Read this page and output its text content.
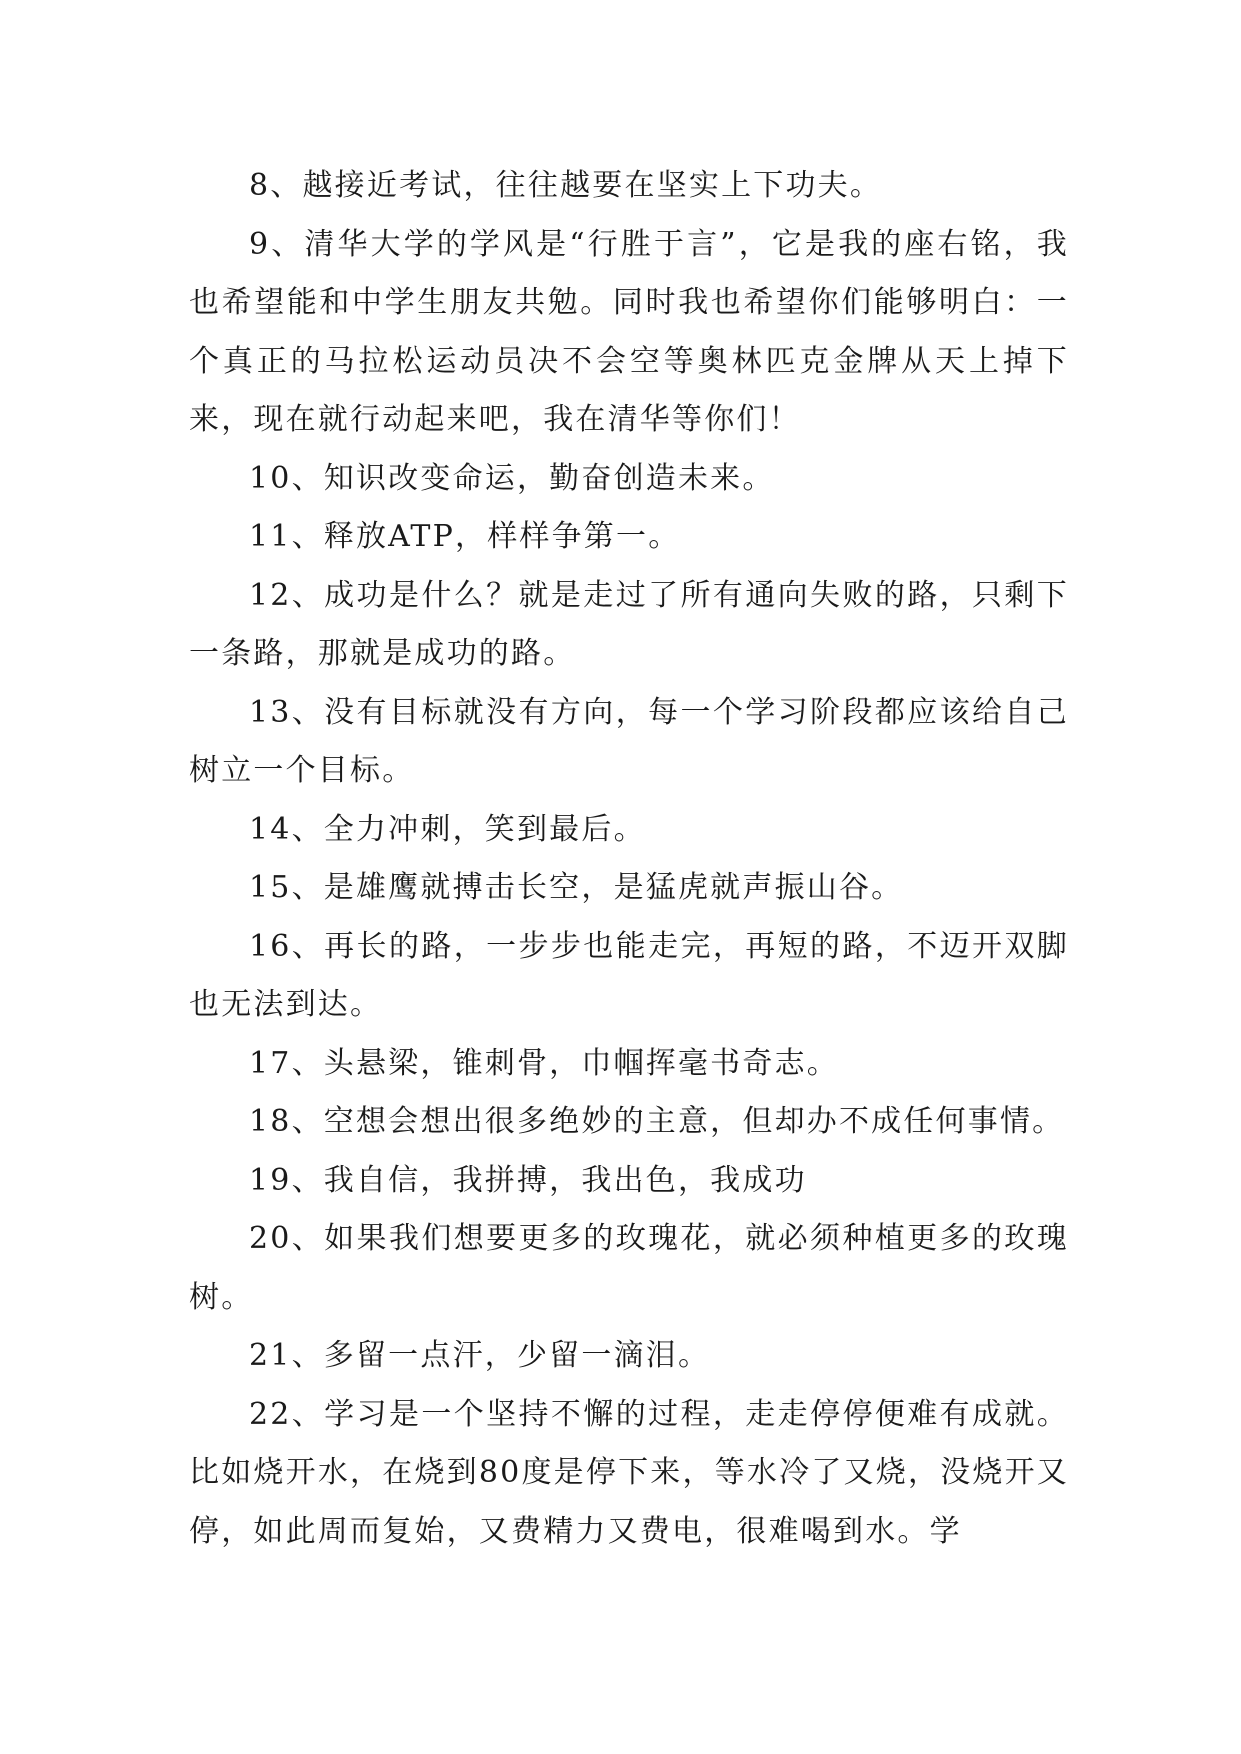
8、越接近考试，往往越要在坚实上下功夫。

9、清华大学的学风是“行胜于言”，它是我的座右铭，我也希望能和中学生朋友共勉。同时我也希望你们能够明白：一个真正的马拉松运动员决不会空等奥林匹克金牌从天上掉下来，现在就行动起来吧，我在清华等你们！

10、知识改变命运，勤奋创造未来。

11、释放ATP，样样争第一。

12、成功是什么？就是走过了所有通向失败的路，只剩下一条路，那就是成功的路。

13、没有目标就没有方向，每一个学习阶段都应该给自己树立一个目标。

14、全力冲刺，笑到最后。

15、是雄鹰就搏击长空，是猛虎就声振山谷。

16、再长的路，一步步也能走完，再短的路，不迈开双脚也无法到达。

17、头悬梁，锥刺骨，巾帼挥毫书奇志。

18、空想会想出很多绝妙的主意，但却办不成任何事情。

19、我自信，我拼搏，我出色，我成功

20、如果我们想要更多的玫瑰花，就必须种植更多的玫瑰树。

21、多留一点汗，少留一滴泪。

22、学习是一个坚持不懈的过程，走走停停便难有成就。比如烧开水，在烧到80度是停下来，等水冷了又烧，没烧开又停，如此周而复始，又费精力又费电，很难喝到水。学
